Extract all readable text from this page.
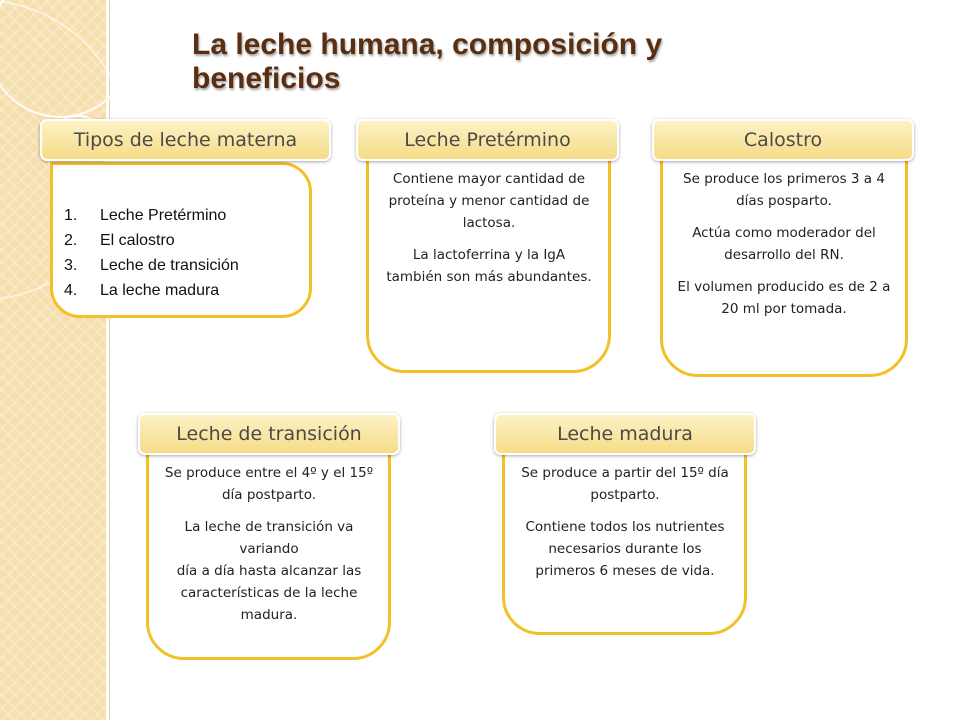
La leche humana, composición y beneficios
Tipos de leche materna
1.	Leche Pretérmino
2.	El calostro
3.	Leche de transición
4.	La leche madura
Leche Pretérmino

Contiene mayor cantidad de proteína y menor cantidad de lactosa.

La lactoferrina y la IgA también son más abundantes.

Calostro

Se produce los primeros 3 a 4 días posparto.

Actúa como moderador del desarrollo del RN.

El volumen producido es de 2 a 20 ml por tomada.

Leche de transición

Se produce entre el 4º y el 15º día postparto.

La leche de transición va variando

día a día hasta alcanzar las características de la leche madura.

Leche madura

Se produce a partir del 15º día postparto.

Contiene todos los nutrientes necesarios durante los primeros 6 meses de vida.
